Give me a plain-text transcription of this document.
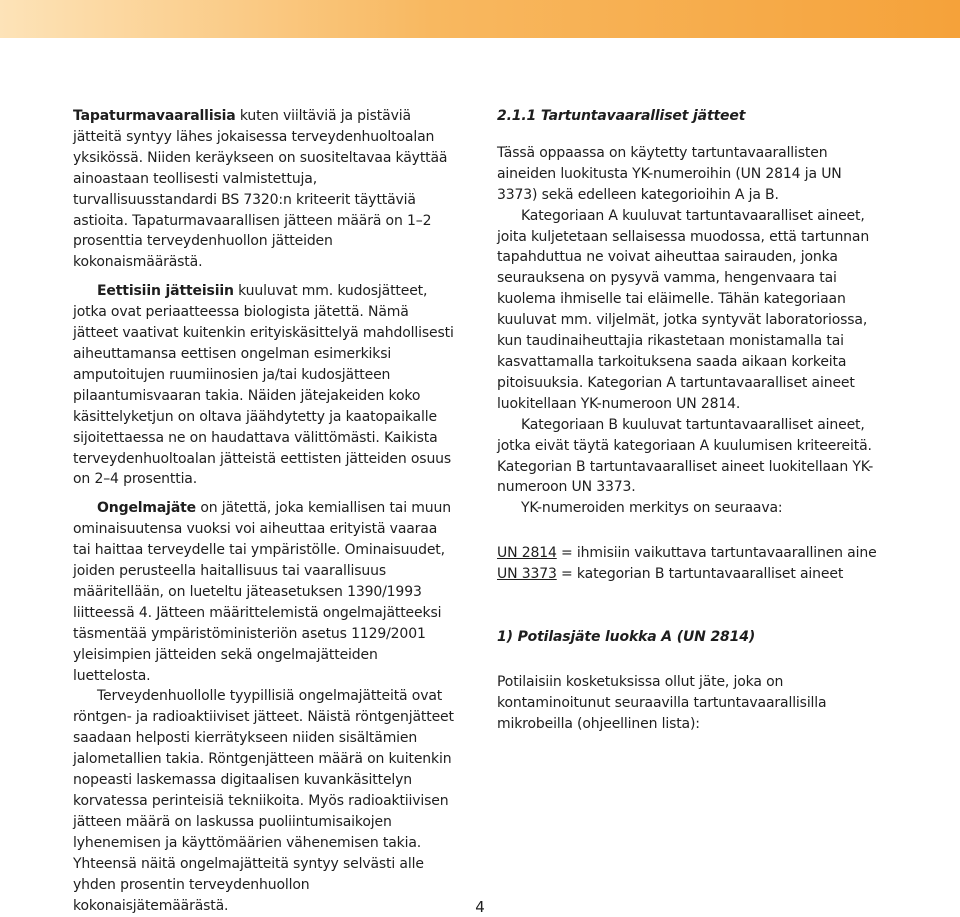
Tapaturmavaarallisia kuten viiltäviä ja pistäviä jätteitä syntyy lähes jokaisessa terveydenhuoltoalan yksikössä. Niiden keräykseen on suositeltavaa käyttää ainoastaan teollisesti valmistettuja, turvallisuusstandardi BS 7320:n kriteerit täyttäviä astioita. Tapaturmavaarallisen jätteen määrä on 1–2 prosenttia terveydenhuollon jätteiden kokonaismäärästä.

Eettisiin jätteisiin kuuluvat mm. kudosjätteet, jotka ovat periaatteessa biologista jätettä. Nämä jätteet vaativat kuitenkin erityiskäsittelyä mahdollisesti aiheuttamansa eettisen ongelman esimerkiksi amputoitujen ruumiinosien ja/tai kudosjätteen pilaantumisvaaran takia. Näiden jätejakeiden koko käsittelyketjun on oltava jäähdytetty ja kaatopaikalle sijoitettaessa ne on haudattava välittömästi. Kaikista terveydenhuoltoalan jätteistä eettisten jätteiden osuus on 2–4 prosenttia.

Ongelmajäte on jätettä, joka kemiallisen tai muun ominaisuutensa vuoksi voi aiheuttaa erityistä vaaraa tai haittaa terveydelle tai ympäristölle. Ominaisuudet, joiden perusteella haitallisuus tai vaarallisuus määritellään, on lueteltu jäteasetuksen 1390/1993 liitteessä 4. Jätteen määrittelemistä ongelmajätteeksi täsmentää ympäristöministeriön asetus 1129/2001 yleisimpien jätteiden sekä ongelmajätteiden luettelosta.

Terveydenhuollolle tyypillisiä ongelmajätteitä ovat röntgen- ja radioaktiiviset jätteet. Näistä röntgenjätteet saadaan helposti kierrätykseen niiden sisältämien jalometallien takia. Röntgenjätteen määrä on kuitenkin nopeasti laskemassa digitaalisen kuvankäsittelyn korvatessa perinteisiä tekniikoita. Myös radioaktiivisen jätteen määrä on laskussa puoliintumisaikojen lyhenemisen ja käyttömäärien vähenemisen takia. Yhteensä näitä ongelmajätteitä syntyy selvästi alle yhden prosentin terveydenhuollon kokonaisjätemäärästä.

2.1.1 Tartuntavaaralliset jätteet

Tässä oppaassa on käytetty tartuntavaarallisten aineiden luokitusta YK-numeroihin (UN 2814 ja UN 3373) sekä edelleen kategorioihin A ja B.

Kategoriaan A kuuluvat tartuntavaaralliset aineet, joita kuljetetaan sellaisessa muodossa, että tartunnan tapahduttua ne voivat aiheuttaa sairauden, jonka seurauksena on pysyvä vamma, hengenvaara tai kuolema ihmiselle tai eläimelle. Tähän kategoriaan kuuluvat mm. viljelmät, jotka syntyvät laboratoriossa, kun taudinaiheuttajia rikastetaan monistamalla tai kasvattamalla tarkoituksena saada aikaan korkeita pitoisuuksia. Kategorian A tartuntavaaralliset aineet luokitellaan YK-numeroon UN 2814.

Kategoriaan B kuuluvat tartuntavaaralliset aineet, jotka eivät täytä kategoriaan A kuulumisen kriteereitä. Kategorian B tartuntavaaralliset aineet luokitellaan YK-numeroon UN 3373.

YK-numeroiden merkitys on seuraava:

UN 2814 = ihmisiin vaikuttava tartuntavaarallinen aine

UN 3373 = kategorian B tartuntavaaralliset aineet

1) Potilasjäte luokka A (UN 2814)

Potilaisiin kosketuksissa ollut jäte, joka on kontaminoitunut seuraavilla tartuntavaarallisilla mikrobeilla (ohjeellinen lista):

4
